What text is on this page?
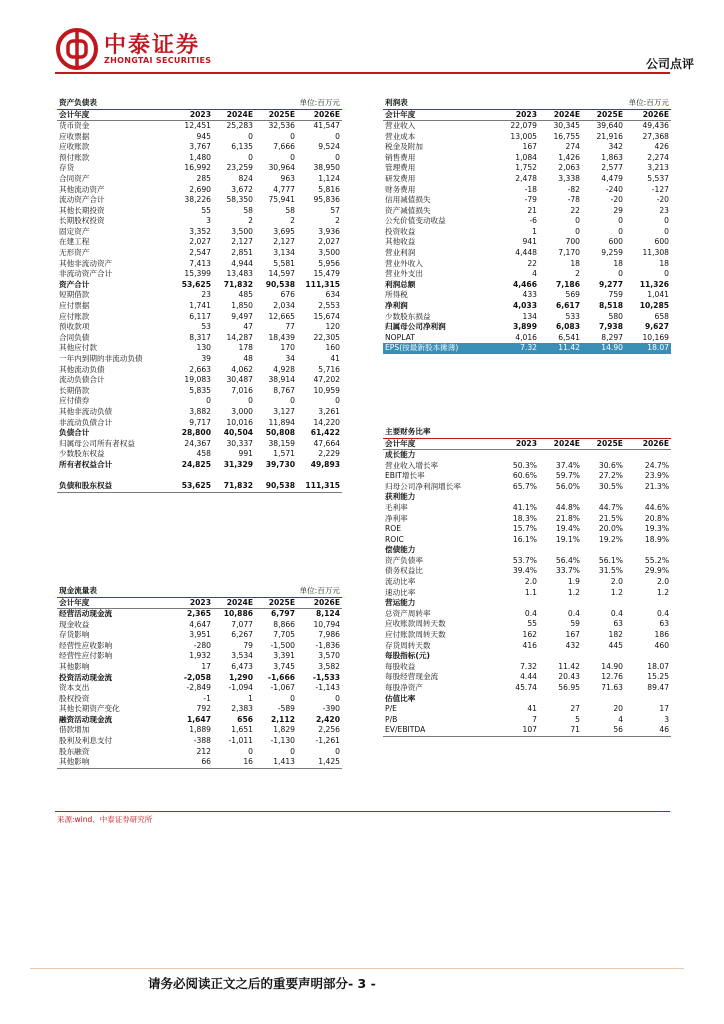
中泰证券
ZHONGTAI SECURITIES	公司点评
资产负债表			单位:百万元	
会计年度	2023	2024E	2025E	2026E
货币资金	12,451	25,283	32,536	41,547
应收票据	945	0	0	0
应收账款	3,767	6,135	7,666	9,524
预付账款	1,480	0	0	0
存货	16,992	23,259	30,964	38,950
合同资产	285	824	963	1,124
其他流动资产	2,690	3,672	4,777	5,816
流动资产合计	38,226	58,350	75,941	95,836
其他长期投资	55	58	58	57
长期股权投资	3	2	2	2
固定资产	3,352	3,500	3,695	3,936
在建工程	2,027	2,127	2,127	2,027
无形资产	2,547	2,851	3,134	3,500
其他非流动资产	7,413	4,944	5,581	5,956
非流动资产合计	15,399	13,483	14,597	15,479
资产合计	53,625	71,832	90,538	111,315
短期借款	23	485	676	634
应付票据	1,741	1,850	2,034	2,553
应付账款	6,117	9,497	12,665	15,674
预收款项	53	47	77	120
合同负债	8,317	14,287	18,439	22,305
其他应付款	130	178	170	160
一年内到期的非流动负债	39	48	34	41
其他流动负债	2,663	4,062	4,928	5,716
流动负债合计	19,083	30,487	38,914	47,202
长期借款	5,835	7,016	8,767	10,959
应付债券	0	0	0	0
其他非流动负债	3,882	3,000	3,127	3,261
非流动负债合计	9,717	10,016	11,894	14,220
负债合计	28,800	40,504	50,808	61,422
归属母公司所有者权益	24,367	30,337	38,159	47,664
少数股东权益	458	991	1,571	2,229
所有者权益合计	24,825	31,329	39,730	49,893

负债和股东权益	53,625	71,832	90,538	111,315
利润表			单位:百万元	
会计年度	2023	2024E	2025E	2026E
营业收入	22,079	30,345	39,640	49,436
营业成本	13,005	16,755	21,916	27,368
税金及附加	167	274	342	426
销售费用	1,084	1,426	1,863	2,274
管理费用	1,752	2,063	2,577	3,213
研发费用	2,478	3,338	4,479	5,537
财务费用	-18	-82	-240	-127
信用减值损失	-79	-78	-20	-20
资产减值损失	21	22	29	23
公允价值变动收益	-6	0	0	0
投资收益	1	0	0	0
其他收益	941	700	600	600
营业利润	4,448	7,170	9,259	11,308
营业外收入	22	18	18	18
营业外支出	4	2	0	0
利润总额	4,466	7,186	9,277	11,326
所得税	433	569	759	1,041
净利润	4,033	6,617	8,518	10,285
少数股东损益	134	533	580	658
归属母公司净利润	3,899	6,083	7,938	9,627
NOPLAT	4,016	6,541	8,297	10,169
EPS(按最新股本摊薄)	7.32	11.42	14.90	18.07
现金流量表			单位:百万元	
会计年度	2023	2024E	2025E	2026E
经营活动现金流	2,365	10,886	6,797	8,124
现金收益	4,647	7,077	8,866	10,794
存货影响	3,951	6,267	7,705	7,986
经营性应收影响	-280	79	-1,500	-1,836
经营性应付影响	1,932	3,534	3,391	3,570
其他影响	17	6,473	3,745	3,582
投资活动现金流	-2,058	1,290	-1,666	-1,533
资本支出	-2,849	-1,094	-1,067	-1,143
股权投资	-1	1	0	0
其他长期资产变化	792	2,383	-589	-390
融资活动现金流	1,647	656	2,112	2,420
借款增加	1,889	1,651	1,829	2,256
股利及利息支付	-388	-1,011	-1,130	-1,261
股东融资	212	0	0	0
其他影响	66	16	1,413	1,425
主要财务比率				
会计年度	2023	2024E	2025E	2026E
成长能力				
营业收入增长率	50.3%	37.4%	30.6%	24.7%
EBIT增长率	60.6%	59.7%	27.2%	23.9%
归母公司净利润增长率	65.7%	56.0%	30.5%	21.3%
获利能力				
毛利率	41.1%	44.8%	44.7%	44.6%
净利率	18.3%	21.8%	21.5%	20.8%
ROE	15.7%	19.4%	20.0%	19.3%
ROIC	16.1%	19.1%	19.2%	18.9%
偿债能力				
资产负债率	53.7%	56.4%	56.1%	55.2%
债务权益比	39.4%	33.7%	31.5%	29.9%
流动比率	2.0	1.9	2.0	2.0
速动比率	1.1	1.2	1.2	1.2
营运能力				
总资产周转率	0.4	0.4	0.4	0.4
应收账款周转天数	55	59	63	63
应付账款周转天数	162	167	182	186
存货周转天数	416	432	445	460
每股指标(元)				
每股收益	7.32	11.42	14.90	18.07
每股经营现金流	4.44	20.43	12.76	15.25
每股净资产	45.74	56.95	71.63	89.47
估值比率				
P/E	41	27	20	17
P/B	7	5	4	3
EV/EBITDA	107	71	56	46
来源:wind、中泰证券研究所
请务必阅读正文之后的重要声明部分- 3 -
